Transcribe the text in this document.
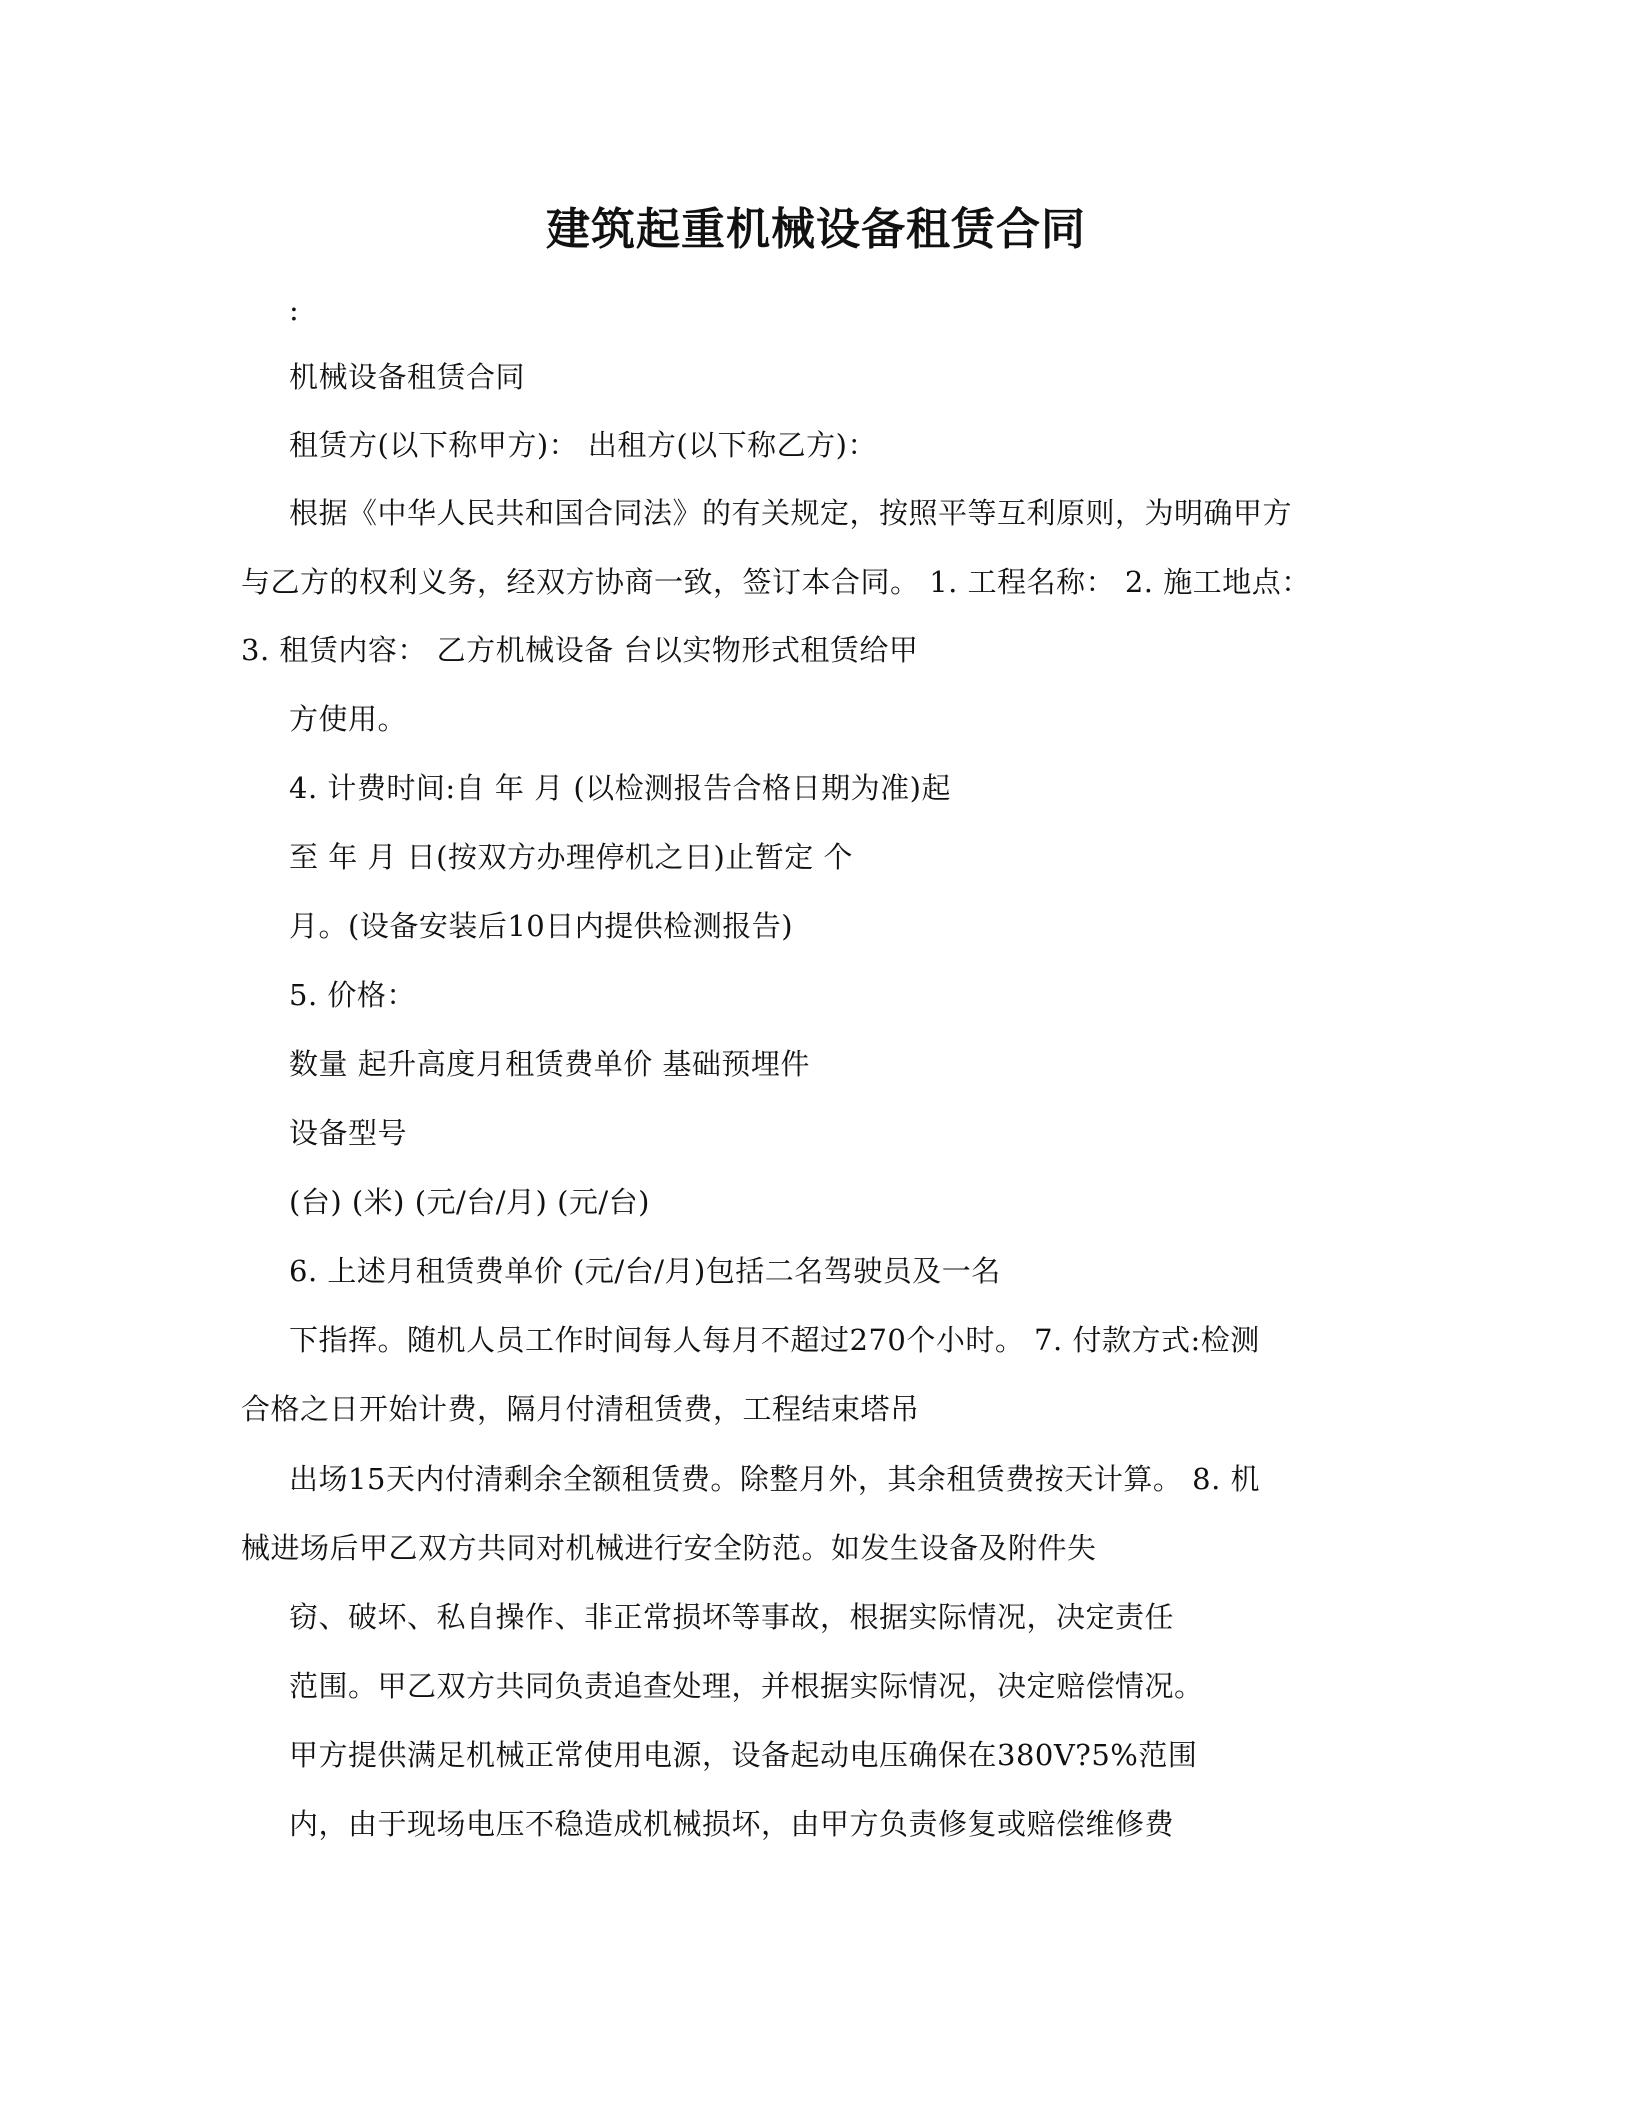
建筑起重机械设备租赁合同
:
机械设备租赁合同
租赁方(以下称甲方)： 出租方(以下称乙方)：
根据《中华人民共和国合同法》的有关规定，按照平等互利原则，为明确甲方
与乙方的权利义务，经双方协商一致，签订本合同。 1. 工程名称： 2. 施工地点：
3. 租赁内容： 乙方机械设备 台以实物形式租赁给甲
方使用。
4. 计费时间:自 年 月 (以检测报告合格日期为准)起
至 年 月 日(按双方办理停机之日)止暂定 个
月。(设备安装后10日内提供检测报告)
5. 价格：
数量 起升高度月租赁费单价 基础预埋件
设备型号
(台) (米) (元/台/月) (元/台)
6. 上述月租赁费单价 (元/台/月)包括二名驾驶员及一名
下指挥。随机人员工作时间每人每月不超过270个小时。 7. 付款方式:检测
合格之日开始计费，隔月付清租赁费，工程结束塔吊
出场15天内付清剩余全额租赁费。除整月外，其余租赁费按天计算。 8. 机
械进场后甲乙双方共同对机械进行安全防范。如发生设备及附件失
窃、破坏、私自操作、非正常损坏等事故，根据实际情况，决定责任
范围。甲乙双方共同负责追查处理，并根据实际情况，决定赔偿情况。
甲方提供满足机械正常使用电源，设备起动电压确保在380V?5%范围
内，由于现场电压不稳造成机械损坏，由甲方负责修复或赔偿维修费
